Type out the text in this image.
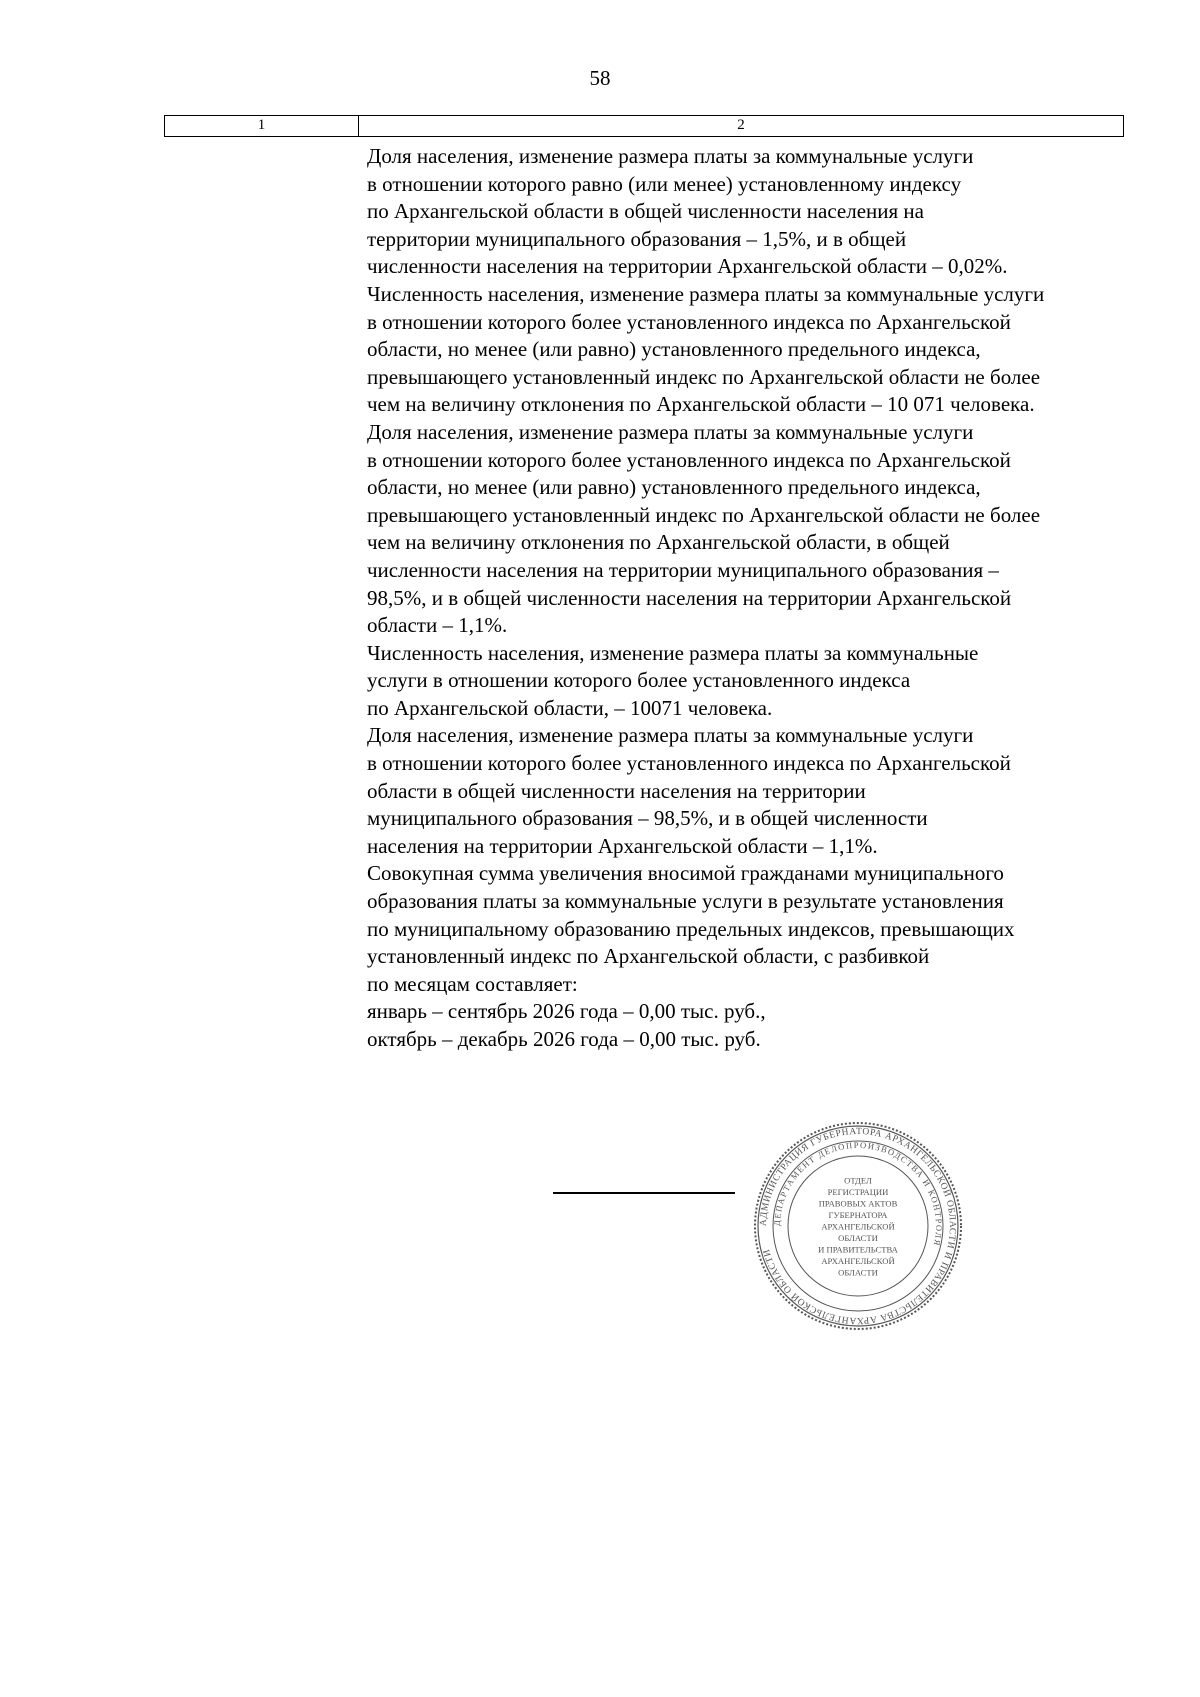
58
1	2
Доля населения, изменение размера платы за коммунальные услуги
в отношении которого равно (или менее) установленному индексу
по Архангельской области в общей численности населения на
территории муниципального образования – 1,5%, и в общей
численности населения на территории Архангельской области – 0,02%.
Численность населения, изменение размера платы за коммунальные услуги
в отношении которого более установленного индекса по Архангельской
области, но менее (или равно) установленного предельного индекса,
превышающего установленный индекс по Архангельской области не более
чем на величину отклонения по Архангельской области – 10 071 человека.
Доля населения, изменение размера платы за коммунальные услуги
в отношении которого более установленного индекса по Архангельской
области, но менее (или равно) установленного предельного индекса,
превышающего установленный индекс по Архангельской области не более
чем на величину отклонения по Архангельской области, в общей
численности населения на территории муниципального образования –
98,5%, и в общей численности населения на территории Архангельской
области – 1,1%.
Численность населения, изменение размера платы за коммунальные
услуги в отношении которого более установленного индекса
по Архангельской области, – 10071 человека.
Доля населения, изменение размера платы за коммунальные услуги
в отношении которого более установленного индекса по Архангельской
области в общей численности населения на территории
муниципального образования – 98,5%, и в общей численности
населения на территории Архангельской области – 1,1%.
Совокупная сумма увеличения вносимой гражданами муниципального
образования платы за коммунальные услуги в результате установления
по муниципальному образованию предельных индексов, превышающих
установленный индекс по Архангельской области, с разбивкой
по месяцам составляет:
январь – сентябрь 2026 года – 0,00 тыс. руб.,
октябрь – декабрь 2026 года – 0,00 тыс. руб.
АДМИНИСТРАЦИЯ ГУБЕРНАТОРА АРХАНГЕЛЬСКОЙ ОБЛАСТИ И ПРАВИТЕЛЬСТВА АРХАНГЕЛЬСКОЙ ОБЛАСТИ
ДЕПАРТАМЕНТ ДЕЛОПРОИЗВОДСТВА И КОНТРОЛЯ
ОТДЕЛ
РЕГИСТРАЦИИ
ПРАВОВЫХ АКТОВ
ГУБЕРНАТОРА
АРХАНГЕЛЬСКОЙ
ОБЛАСТИ
И ПРАВИТЕЛЬСТВА
АРХАНГЕЛЬСКОЙ
ОБЛАСТИ
